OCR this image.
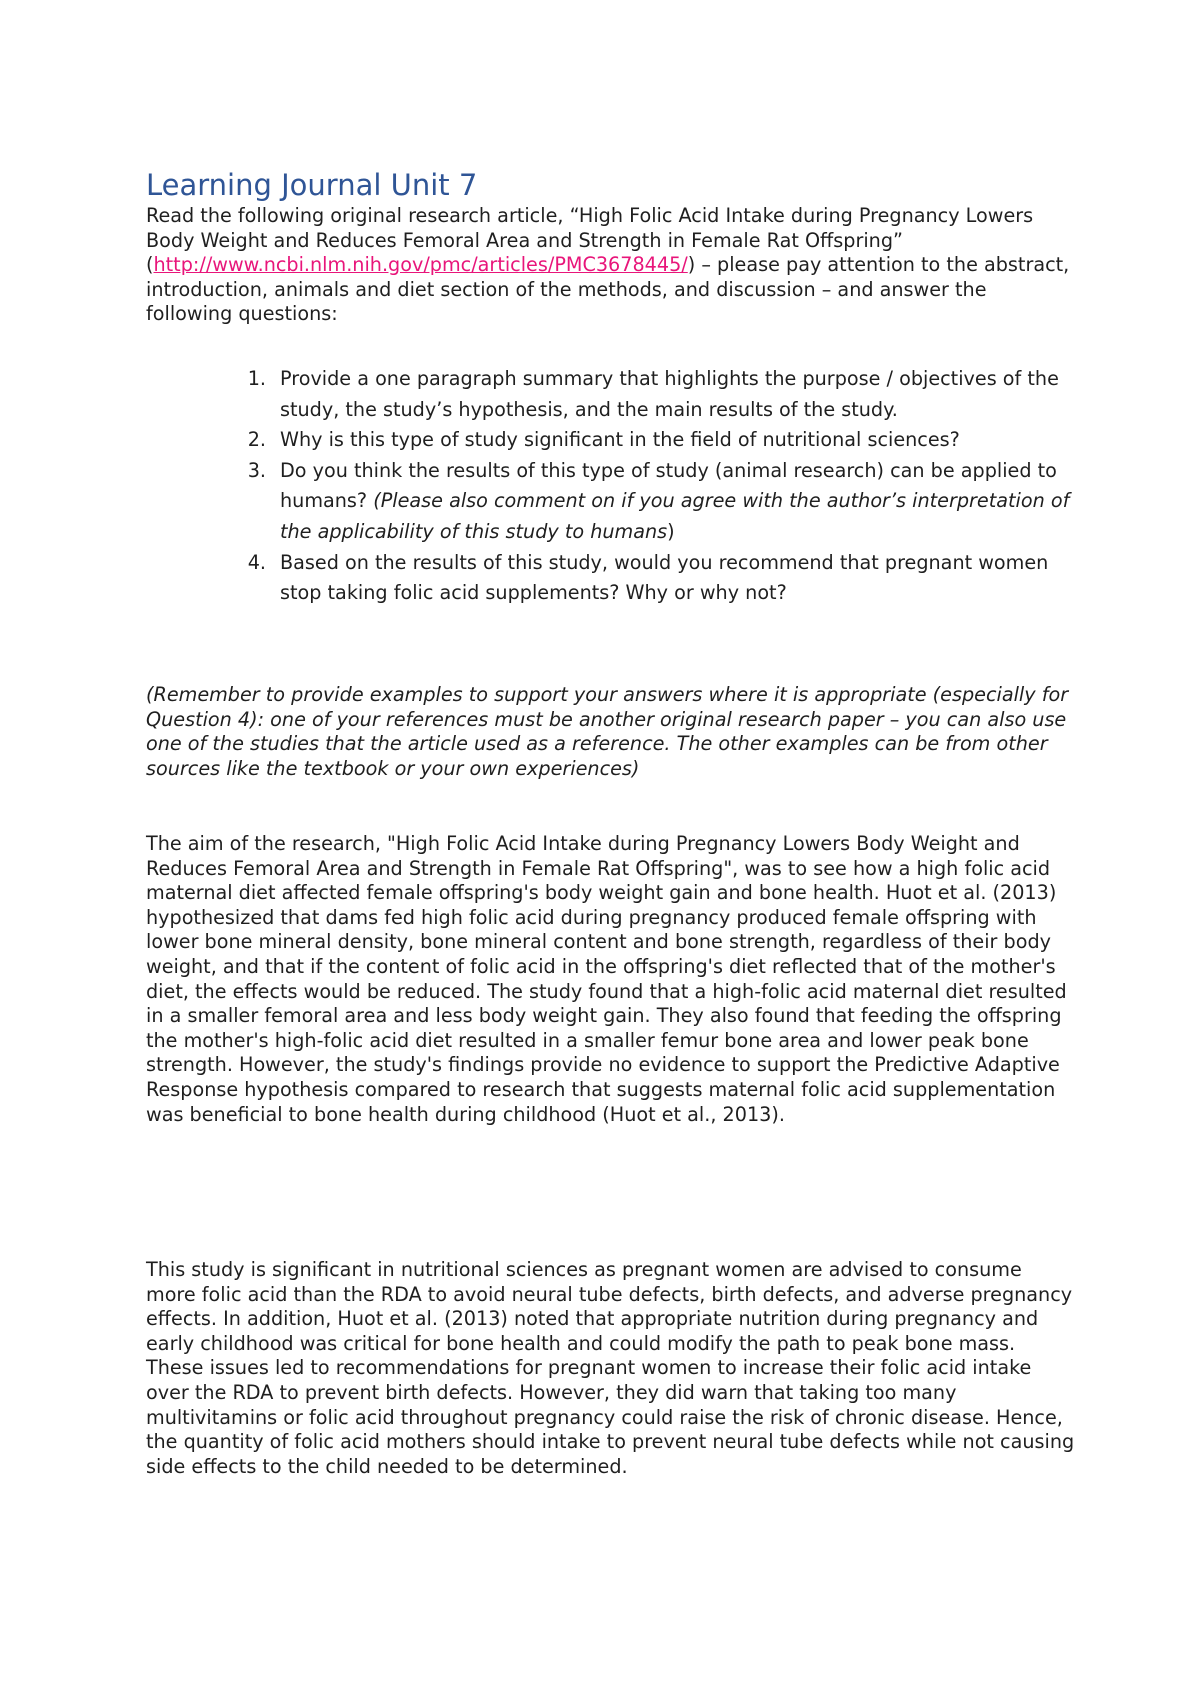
Learning Journal Unit 7

Read the following original research article, “High Folic Acid Intake during Pregnancy Lowers Body Weight and Reduces Femoral Area and Strength in Female Rat Offspring” (http://www.ncbi.nlm.nih.gov/pmc/articles/PMC3678445/) – please pay attention to the abstract, introduction, animals and diet section of the methods, and discussion – and answer the following questions:

1. Provide a one paragraph summary that highlights the purpose / objectives of the study, the study’s hypothesis, and the main results of the study.
2. Why is this type of study significant in the field of nutritional sciences?
3. Do you think the results of this type of study (animal research) can be applied to humans? (Please also comment on if you agree with the author’s interpretation of the applicability of this study to humans)
4. Based on the results of this study, would you recommend that pregnant women stop taking folic acid supplements? Why or why not?

(Remember to provide examples to support your answers where it is appropriate (especially for Question 4): one of your references must be another original research paper – you can also use one of the studies that the article used as a reference. The other examples can be from other sources like the textbook or your own experiences)

The aim of the research, "High Folic Acid Intake during Pregnancy Lowers Body Weight and Reduces Femoral Area and Strength in Female Rat Offspring", was to see how a high folic acid maternal diet affected female offspring's body weight gain and bone health. Huot et al. (2013) hypothesized that dams fed high folic acid during pregnancy produced female offspring with lower bone mineral density, bone mineral content and bone strength, regardless of their body weight, and that if the content of folic acid in the offspring's diet reflected that of the mother's diet, the effects would be reduced. The study found that a high-folic acid maternal diet resulted in a smaller femoral area and less body weight gain. They also found that feeding the offspring the mother's high-folic acid diet resulted in a smaller femur bone area and lower peak bone strength. However, the study's findings provide no evidence to support the Predictive Adaptive Response hypothesis compared to research that suggests maternal folic acid supplementation was beneficial to bone health during childhood (Huot et al., 2013).

This study is significant in nutritional sciences as pregnant women are advised to consume more folic acid than the RDA to avoid neural tube defects, birth defects, and adverse pregnancy effects. In addition, Huot et al. (2013) noted that appropriate nutrition during pregnancy and early childhood was critical for bone health and could modify the path to peak bone mass. These issues led to recommendations for pregnant women to increase their folic acid intake over the RDA to prevent birth defects. However, they did warn that taking too many multivitamins or folic acid throughout pregnancy could raise the risk of chronic disease. Hence, the quantity of folic acid mothers should intake to prevent neural tube defects while not causing side effects to the child needed to be determined.
